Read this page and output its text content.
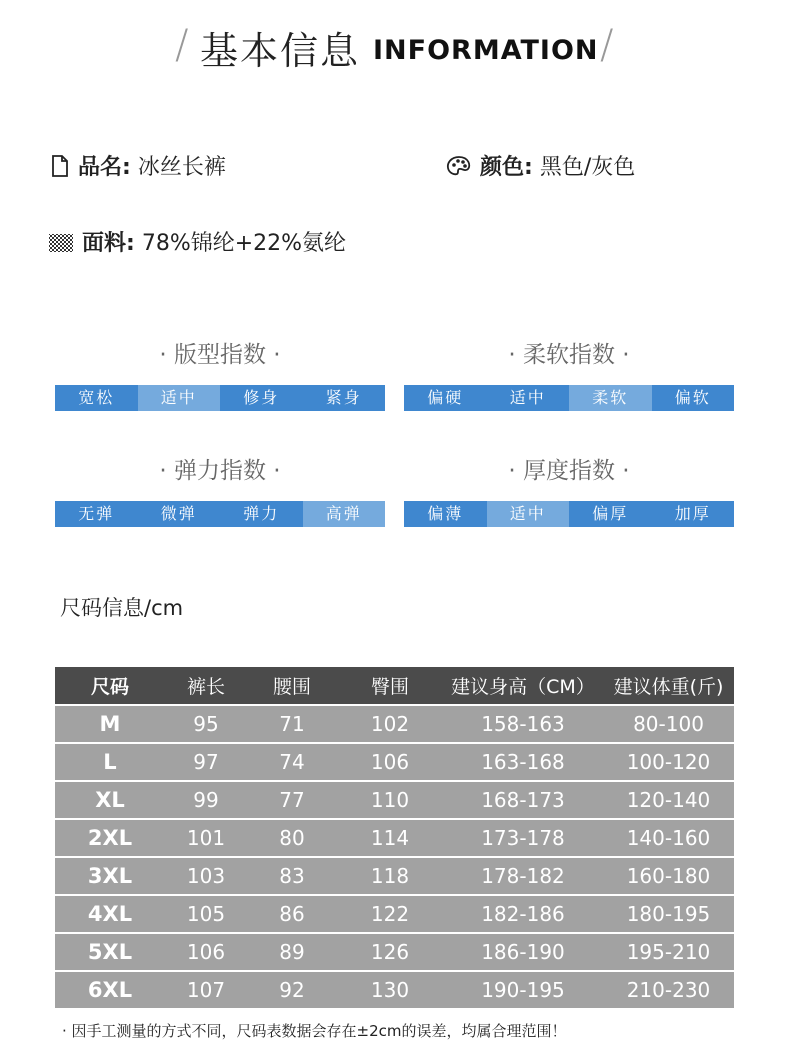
/ 基本信息 INFORMATION /
品名: 冰丝长裤	颜色: 黑色/灰色
面料: 78%锦纶+22%氨纶
· 版型指数 ·
宽松	适中	修身	紧身
· 柔软指数 ·
偏硬	适中	柔软	偏软
· 弹力指数 ·
无弹	微弹	弹力	高弹
· 厚度指数 ·
偏薄	适中	偏厚	加厚
尺码信息/cm
尺码	裤长	腰围	臀围	建议身高（CM）	建议体重(斤)
M	95	71	102	158-163	80-100
L	97	74	106	163-168	100-120
XL	99	77	110	168-173	120-140
2XL	101	80	114	173-178	140-160
3XL	103	83	118	178-182	160-180
4XL	105	86	122	182-186	180-195
5XL	106	89	126	186-190	195-210
6XL	107	92	130	190-195	210-230
· 因手工测量的方式不同，尺码表数据会存在±2cm的误差，均属合理范围！
